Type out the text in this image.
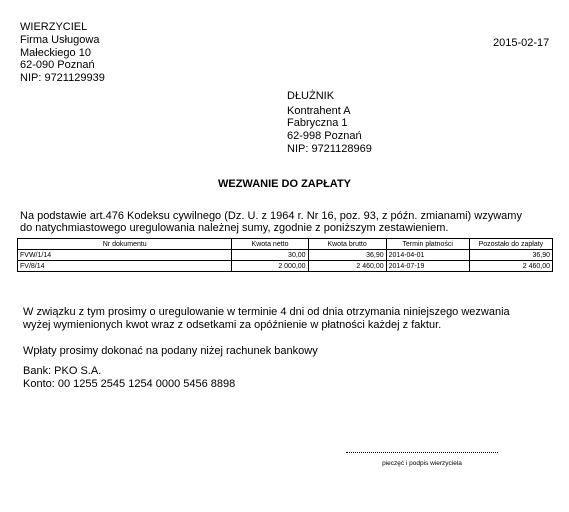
WIERZYCIEL
Firma Usługowa
Małeckiego 10
62-090 Poznań
NIP: 9721129939
2015-02-17
DŁUŻNIK
Kontrahent A
Fabryczna 1
62-998 Poznań
NIP: 9721128969
WEZWANIE DO ZAPŁATY
Na podstawie art.476 Kodeksu cywilnego (Dz. U. z 1964 r. Nr 16, poz. 93, z późn. zmianami) wzywamy
do natychmiastowego uregulowania należnej sumy, zgodnie z poniższym zestawieniem.
Nr dokumentu	Kwota netto	Kwota brutto	Termin płatności	Pozostało do zapłaty
FVW/1/14	30,00	36,90	2014-04-01	36,90
FV/8/14	2 000,00	2 460,00	2014-07-19	2 460,00
W związku z tym prosimy o uregulowanie w terminie 4 dni od dnia otrzymania niniejszego wezwania
wyżej wymienionych kwot wraz z odsetkami za opóźnienie w płatności każdej z faktur.
Wpłaty prosimy dokonać na podany niżej rachunek bankowy
Bank: PKO S.A.
Konto: 00 1255 2545 1254 0000 5456 8898
pieczęć i podpis wierzyciela
